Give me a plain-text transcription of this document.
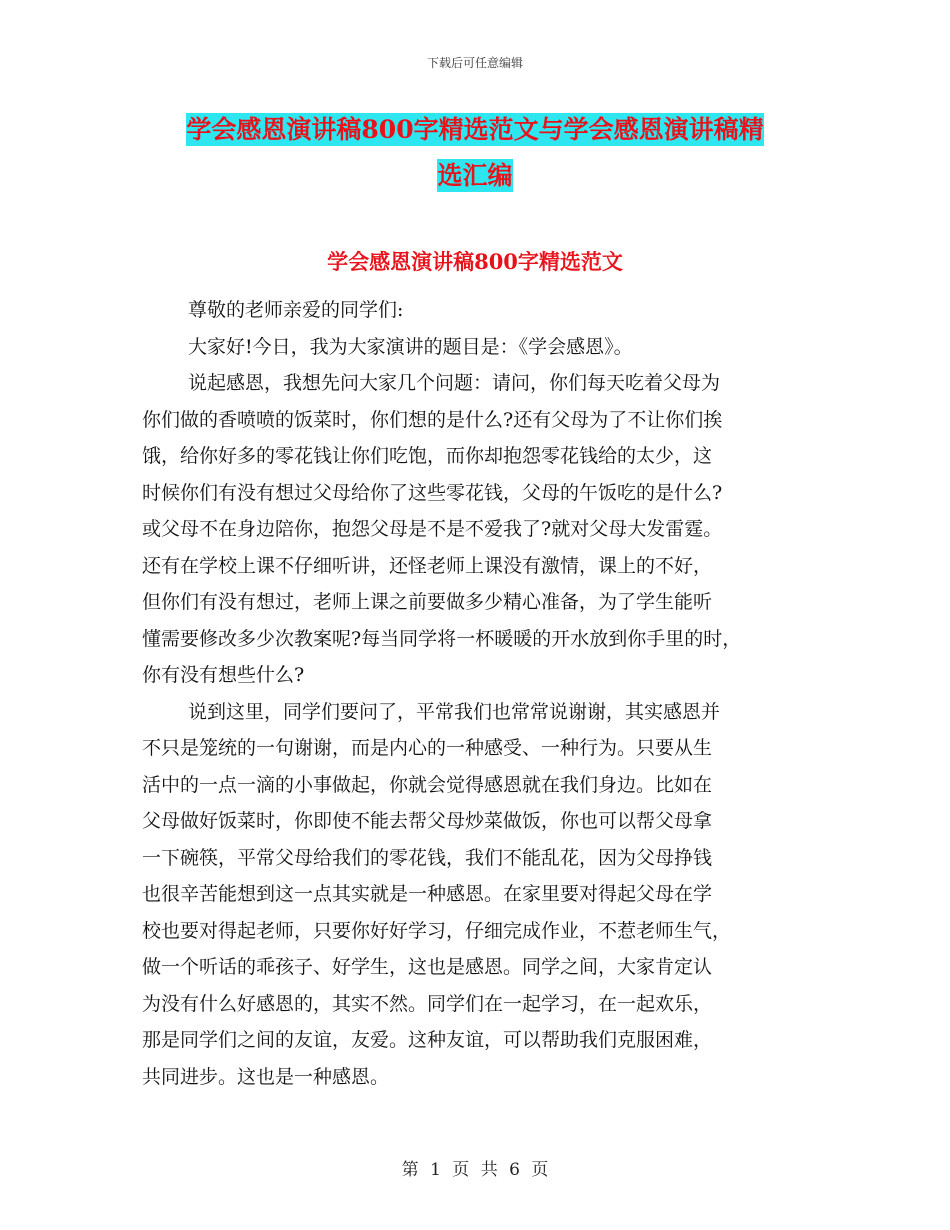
下载后可任意编辑
学会感恩演讲稿800字精选范文与学会感恩演讲稿精
选汇编
学会感恩演讲稿800字精选范文
尊敬的老师亲爱的同学们:
大家好!今日，我为大家演讲的题目是：《学会感恩》。
说起感恩，我想先问大家几个问题：请问，你们每天吃着父母为
你们做的香喷喷的饭菜时，你们想的是什么?还有父母为了不让你们挨
饿，给你好多的零花钱让你们吃饱，而你却抱怨零花钱给的太少，这
时候你们有没有想过父母给你了这些零花钱，父母的午饭吃的是什么?
或父母不在身边陪你，抱怨父母是不是不爱我了?就对父母大发雷霆。
还有在学校上课不仔细听讲，还怪老师上课没有激情，课上的不好，
但你们有没有想过，老师上课之前要做多少精心准备，为了学生能听
懂需要修改多少次教案呢?每当同学将一杯暖暖的开水放到你手里的时，
你有没有想些什么?
说到这里，同学们要问了，平常我们也常常说谢谢，其实感恩并
不只是笼统的一句谢谢，而是内心的一种感受、一种行为。只要从生
活中的一点一滴的小事做起，你就会觉得感恩就在我们身边。比如在
父母做好饭菜时，你即使不能去帮父母炒菜做饭，你也可以帮父母拿
一下碗筷，平常父母给我们的零花钱，我们不能乱花，因为父母挣钱
也很辛苦能想到这一点其实就是一种感恩。在家里要对得起父母在学
校也要对得起老师，只要你好好学习，仔细完成作业，不惹老师生气，
做一个听话的乖孩子、好学生，这也是感恩。同学之间，大家肯定认
为没有什么好感恩的，其实不然。同学们在一起学习，在一起欢乐，
那是同学们之间的友谊，友爱。这种友谊，可以帮助我们克服困难，
共同进步。这也是一种感恩。
第 1 页 共 6 页
